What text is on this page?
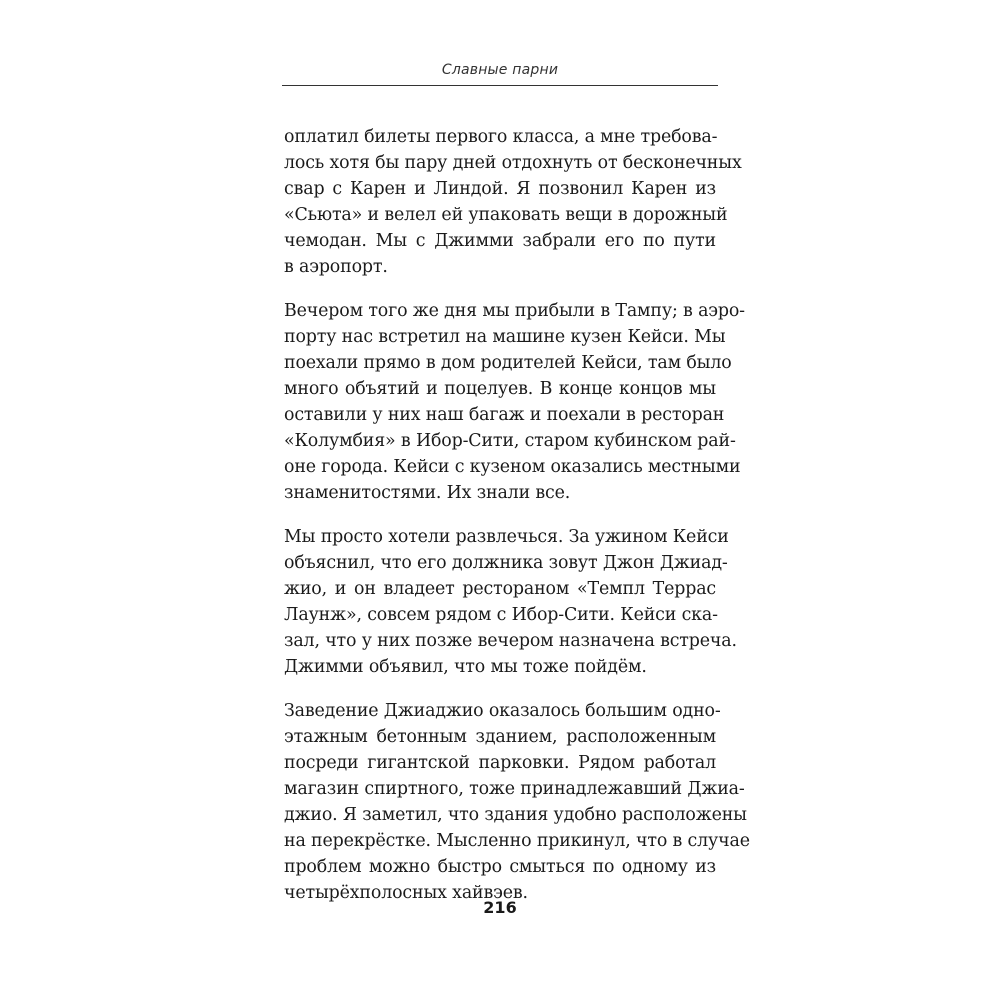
Славные парни
оплатил билеты первого класса, а мне требова-
лось хотя бы пару дней отдохнуть от бесконечных
свар с Карен и Линдой. Я позвонил Карен из
«Сьюта» и велел ей упаковать вещи в дорожный
чемодан. Мы с Джимми забрали его по пути
в аэропорт.
Вечером того же дня мы прибыли в Тампу; в аэро-
порту нас встретил на машине кузен Кейси. Мы
поехали прямо в дом родителей Кейси, там было
много объятий и поцелуев. В конце концов мы
оставили у них наш багаж и поехали в ресторан
«Колумбия» в Ибор-Сити, старом кубинском рай-
оне города. Кейси с кузеном оказались местными
знаменитостями. Их знали все.
Мы просто хотели развлечься. За ужином Кейси
объяснил, что его должника зовут Джон Джиад-
жио, и он владеет рестораном «Темпл Террас
Лаунж», совсем рядом с Ибор-Сити. Кейси ска-
зал, что у них позже вечером назначена встреча.
Джимми объявил, что мы тоже пойдём.
Заведение Джиаджио оказалось большим одно-
этажным бетонным зданием, расположенным
посреди гигантской парковки. Рядом работал
магазин спиртного, тоже принадлежавший Джиа-
джио. Я заметил, что здания удобно расположены
на перекрёстке. Мысленно прикинул, что в случае
проблем можно быстро смыться по одному из
четырёхполосных хайвэев.
216
